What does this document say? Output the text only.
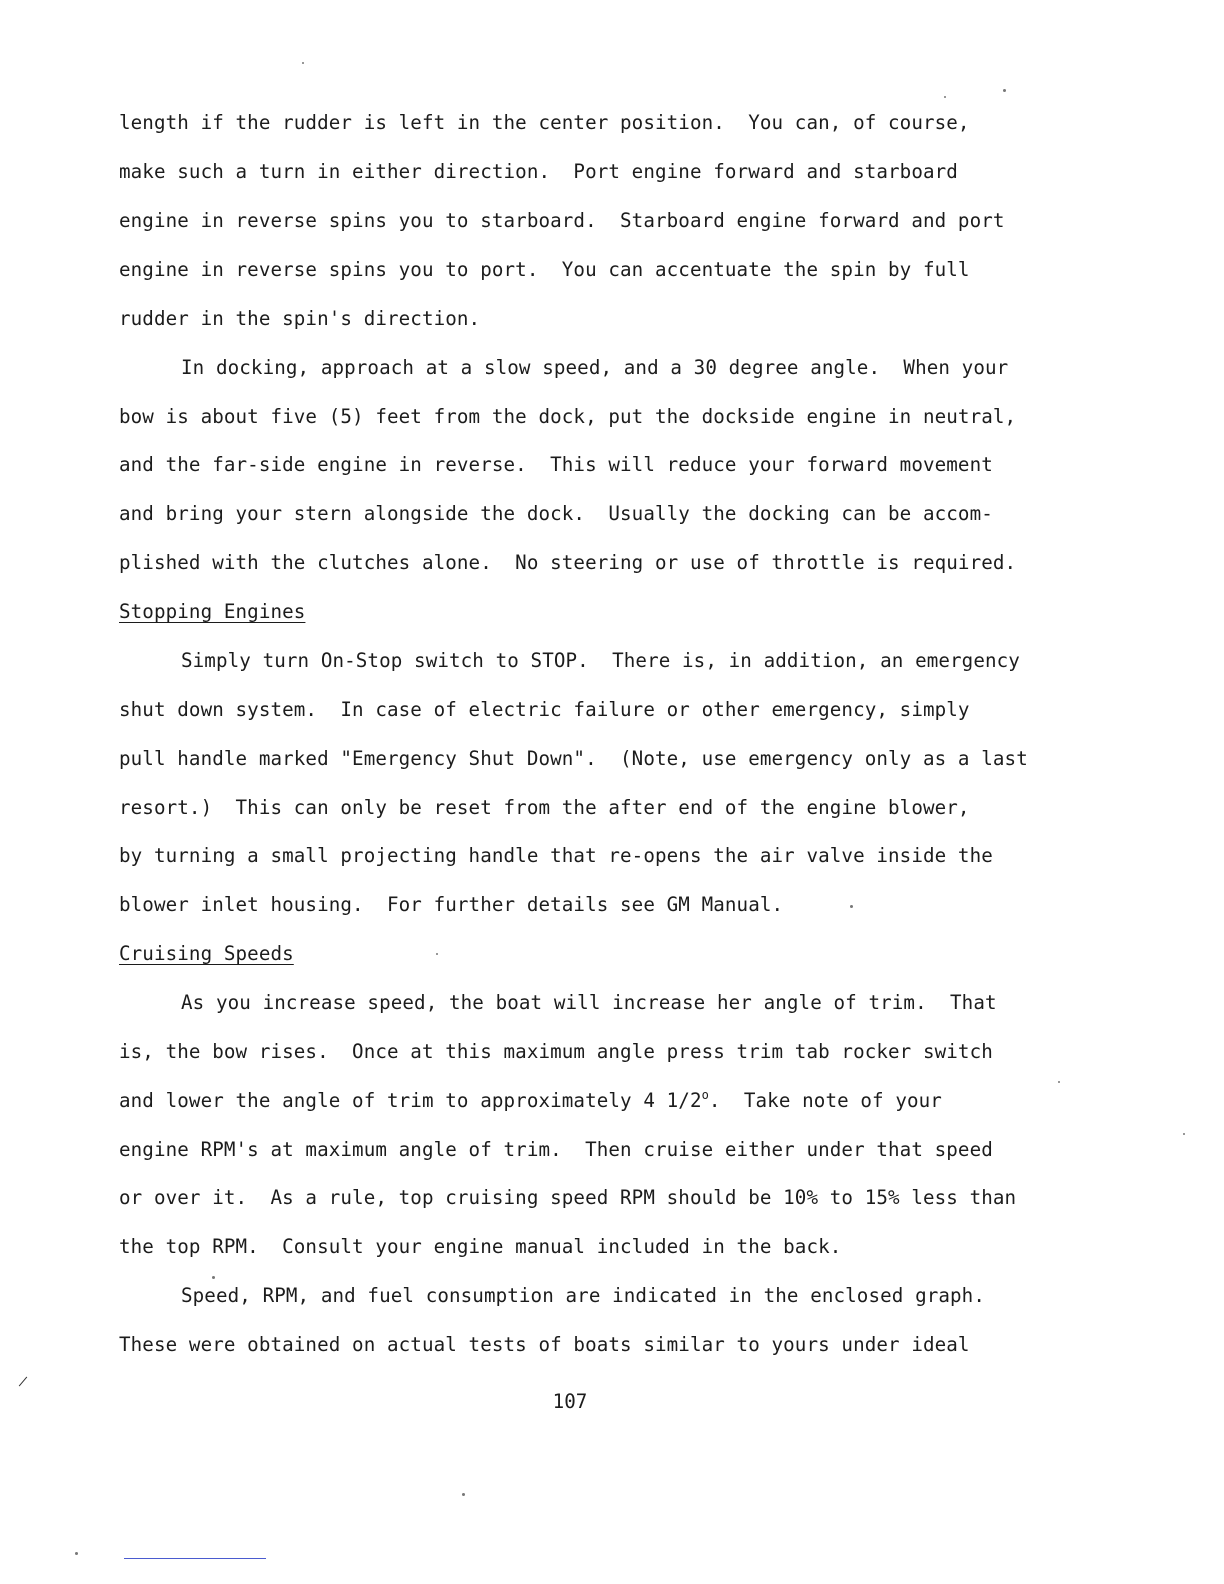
length if the rudder is left in the center position.  You can, of course,
make such a turn in either direction.  Port engine forward and starboard
engine in reverse spins you to starboard.  Starboard engine forward and port
engine in reverse spins you to port.  You can accentuate the spin by full
rudder in the spin's direction.
In docking, approach at a slow speed, and a 30 degree angle.  When your
bow is about five (5) feet from the dock, put the dockside engine in neutral,
and the far-side engine in reverse.  This will reduce your forward movement
and bring your stern alongside the dock.  Usually the docking can be accom-
plished with the clutches alone.  No steering or use of throttle is required.
Stopping Engines
Simply turn On-Stop switch to STOP.  There is, in addition, an emergency
shut down system.  In case of electric failure or other emergency, simply
pull handle marked "Emergency Shut Down".  (Note, use emergency only as a last
resort.)  This can only be reset from the after end of the engine blower,
by turning a small projecting handle that re-opens the air valve inside the
blower inlet housing.  For further details see GM Manual.
Cruising Speeds
As you increase speed, the boat will increase her angle of trim.  That
is, the bow rises.  Once at this maximum angle press trim tab rocker switch
and lower the angle of trim to approximately 4 1/2$^o$.  Take note of your
engine RPM's at maximum angle of trim.  Then cruise either under that speed
or over it.  As a rule, top cruising speed RPM should be 10% to 15% less than
the top RPM.  Consult your engine manual included in the back.
Speed, RPM, and fuel consumption are indicated in the enclosed graph.
These were obtained on actual tests of boats similar to yours under ideal
107
